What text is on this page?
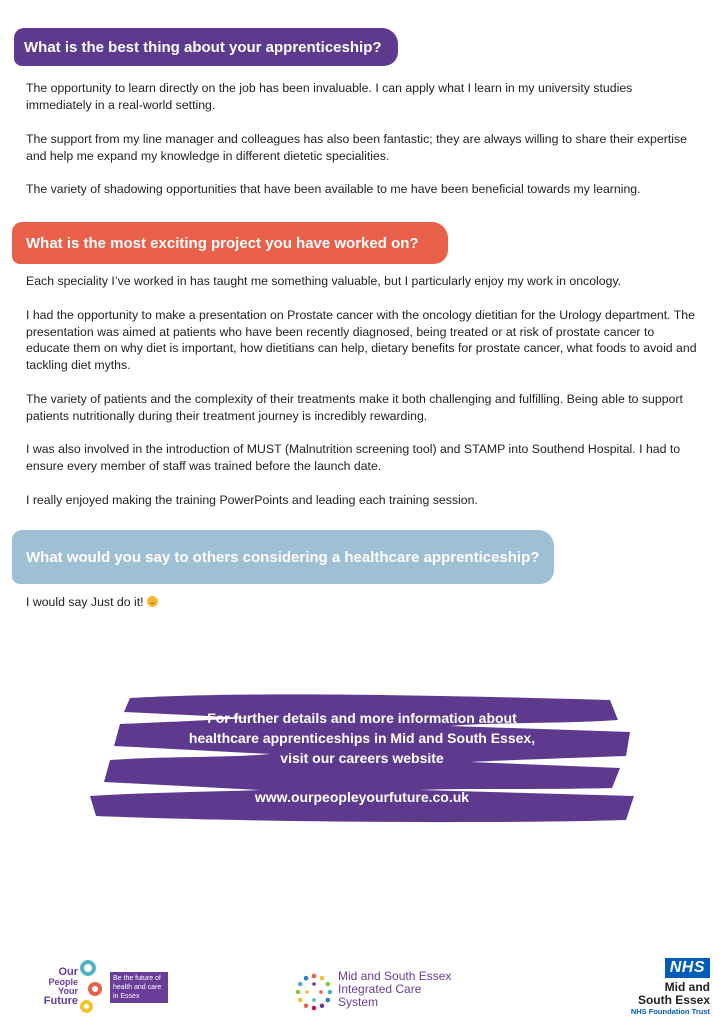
What is the best thing about your apprenticeship?

The opportunity to learn directly on the job has been invaluable. I can apply what I learn in my university studies immediately in a real-world setting.

The support from my line manager and colleagues has also been fantastic; they are always willing to share their expertise and help me expand my knowledge in different dietetic specialities.

The variety of shadowing opportunities that have been available to me have been beneficial towards my learning.

What is the most exciting project you have worked on?

Each speciality I’ve worked in has taught me something valuable, but I particularly enjoy my work in oncology.

I had the opportunity to make a presentation on Prostate cancer with the oncology dietitian for the Urology department. The presentation was aimed at patients who have been recently diagnosed, being treated or at risk of prostate cancer to educate them on why diet is important, how dietitians can help, dietary benefits for prostate cancer, what foods to avoid and tackling diet myths.

The variety of patients and the complexity of their treatments make it both challenging and fulfilling. Being able to support patients nutritionally during their treatment journey is incredibly rewarding.

I was also involved in the introduction of MUST (Malnutrition screening tool) and STAMP into Southend Hospital. I had to ensure every member of staff was trained before the launch date.

I really enjoyed making the training PowerPoints and leading each training session.

What would you say to others considering a healthcare apprenticeship?

I would say Just do it!

For further details and more information about
healthcare apprenticeships in Mid and South Essex,
visit our careers website
www.ourpeopleyourfuture.co.uk
Our
People
Your
Future
Be the future of
health and care
in Essex
Mid and South Essex
Integrated Care
System
NHS
Mid and
South Essex
NHS Foundation Trust
